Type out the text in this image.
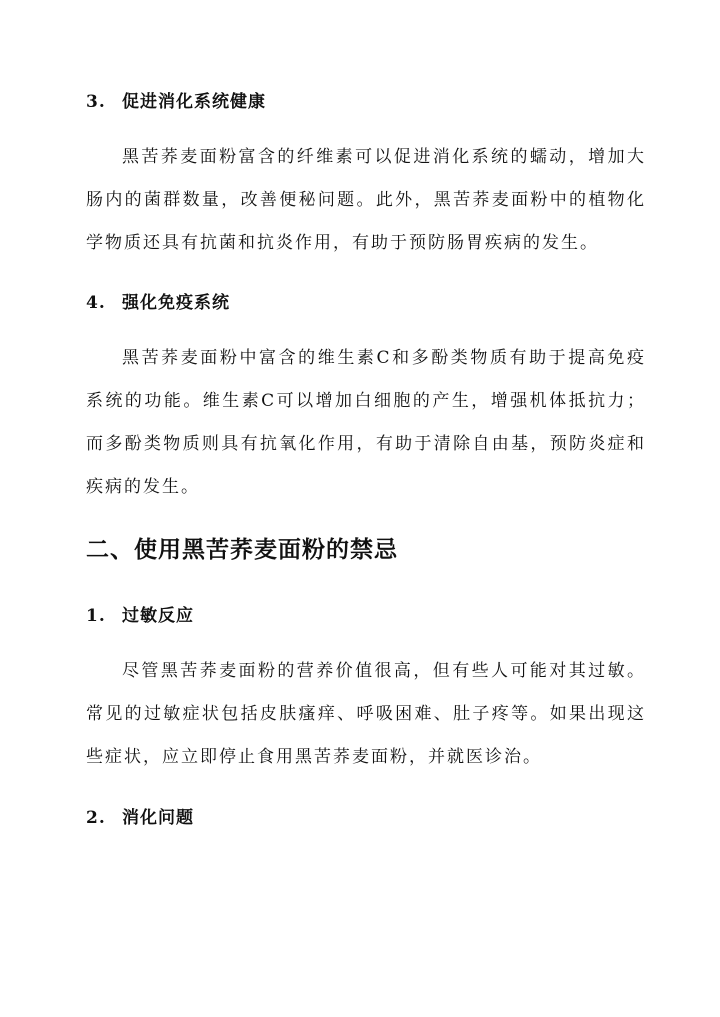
3. 促进消化系统健康
黑苦荞麦面粉富含的纤维素可以促进消化系统的蠕动，增加大肠内的菌群数量，改善便秘问题。此外，黑苦荞麦面粉中的植物化学物质还具有抗菌和抗炎作用，有助于预防肠胃疾病的发生。
4. 强化免疫系统
黑苦荞麦面粉中富含的维生素C和多酚类物质有助于提高免疫系统的功能。维生素C可以增加白细胞的产生，增强机体抵抗力；而多酚类物质则具有抗氧化作用，有助于清除自由基，预防炎症和疾病的发生。
二、使用黑苦荞麦面粉的禁忌
1. 过敏反应
尽管黑苦荞麦面粉的营养价值很高，但有些人可能对其过敏。常见的过敏症状包括皮肤瘙痒、呼吸困难、肚子疼等。如果出现这些症状，应立即停止食用黑苦荞麦面粉，并就医诊治。
2. 消化问题
